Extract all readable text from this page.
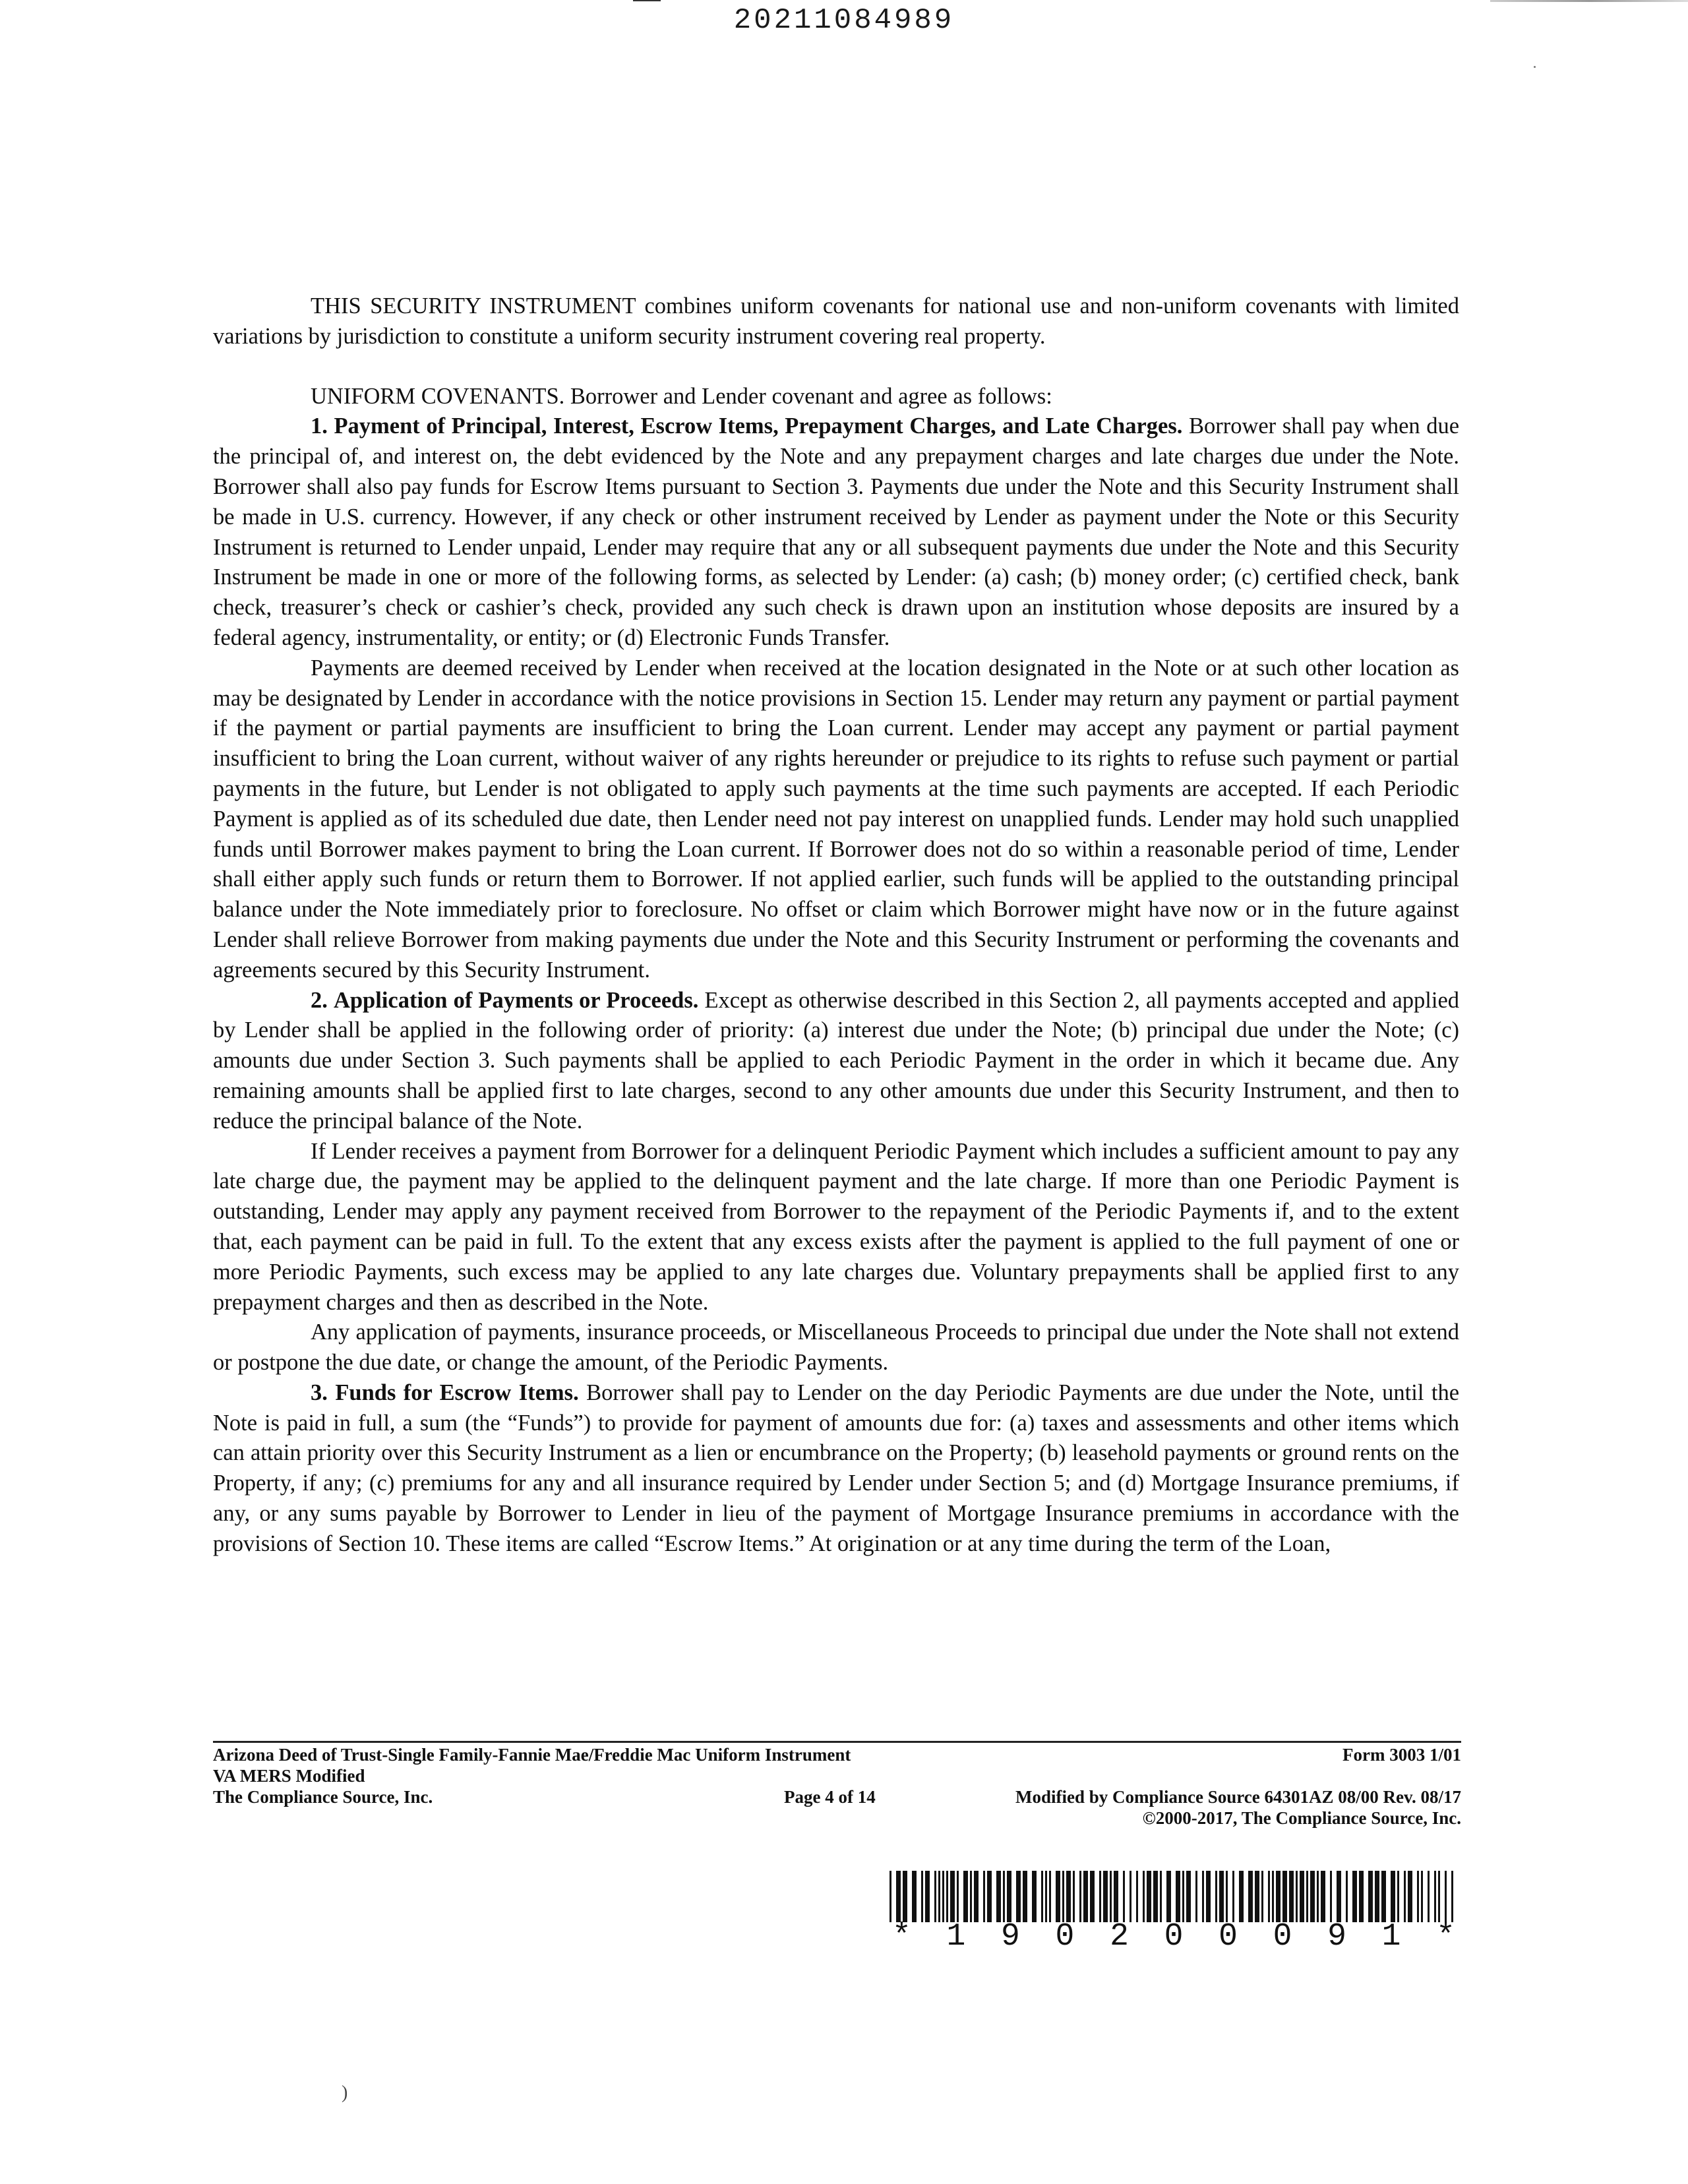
20211084989

THIS SECURITY INSTRUMENT combines uniform covenants for national use and non-uniform covenants with limited variations by jurisdiction to constitute a uniform security instrument covering real property.

UNIFORM COVENANTS. Borrower and Lender covenant and agree as follows:

1. Payment of Principal, Interest, Escrow Items, Prepayment Charges, and Late Charges. Borrower shall pay when due the principal of, and interest on, the debt evidenced by the Note and any prepayment charges and late charges due under the Note. Borrower shall also pay funds for Escrow Items pursuant to Section 3. Payments due under the Note and this Security Instrument shall be made in U.S. currency. However, if any check or other instrument received by Lender as payment under the Note or this Security Instrument is returned to Lender unpaid, Lender may require that any or all subsequent payments due under the Note and this Security Instrument be made in one or more of the following forms, as selected by Lender: (a) cash; (b) money order; (c) certified check, bank check, treasurer’s check or cashier’s check, provided any such check is drawn upon an institution whose deposits are insured by a federal agency, instrumentality, or entity; or (d) Electronic Funds Transfer.

Payments are deemed received by Lender when received at the location designated in the Note or at such other location as may be designated by Lender in accordance with the notice provisions in Section 15. Lender may return any payment or partial payment if the payment or partial payments are insufficient to bring the Loan current. Lender may accept any payment or partial payment insufficient to bring the Loan current, without waiver of any rights hereunder or prejudice to its rights to refuse such payment or partial payments in the future, but Lender is not obligated to apply such payments at the time such payments are accepted. If each Periodic Payment is applied as of its scheduled due date, then Lender need not pay interest on unapplied funds. Lender may hold such unapplied funds until Borrower makes payment to bring the Loan current. If Borrower does not do so within a reasonable period of time, Lender shall either apply such funds or return them to Borrower. If not applied earlier, such funds will be applied to the outstanding principal balance under the Note immediately prior to foreclosure. No offset or claim which Borrower might have now or in the future against Lender shall relieve Borrower from making payments due under the Note and this Security Instrument or performing the covenants and agreements secured by this Security Instrument.

2. Application of Payments or Proceeds. Except as otherwise described in this Section 2, all payments accepted and applied by Lender shall be applied in the following order of priority: (a) interest due under the Note; (b) principal due under the Note; (c) amounts due under Section 3. Such payments shall be applied to each Periodic Payment in the order in which it became due. Any remaining amounts shall be applied first to late charges, second to any other amounts due under this Security Instrument, and then to reduce the principal balance of the Note.

If Lender receives a payment from Borrower for a delinquent Periodic Payment which includes a sufficient amount to pay any late charge due, the payment may be applied to the delinquent payment and the late charge. If more than one Periodic Payment is outstanding, Lender may apply any payment received from Borrower to the repayment of the Periodic Payments if, and to the extent that, each payment can be paid in full. To the extent that any excess exists after the payment is applied to the full payment of one or more Periodic Payments, such excess may be applied to any late charges due. Voluntary prepayments shall be applied first to any prepayment charges and then as described in the Note.

Any application of payments, insurance proceeds, or Miscellaneous Proceeds to principal due under the Note shall not extend or postpone the due date, or change the amount, of the Periodic Payments.

3. Funds for Escrow Items. Borrower shall pay to Lender on the day Periodic Payments are due under the Note, until the Note is paid in full, a sum (the “Funds”) to provide for payment of amounts due for: (a) taxes and assessments and other items which can attain priority over this Security Instrument as a lien or encumbrance on the Property; (b) leasehold payments or ground rents on the Property, if any; (c) premiums for any and all insurance required by Lender under Section 5; and (d) Mortgage Insurance premiums, if any, or any sums payable by Borrower to Lender in lieu of the payment of Mortgage Insurance premiums in accordance with the provisions of Section 10. These items are called “Escrow Items.” At origination or at any time during the term of the Loan,

Arizona Deed of Trust-Single Family-Fannie Mae/Freddie Mac Uniform Instrument	Form 3003 1/01
VA MERS Modified
The Compliance Source, Inc.	Page 4 of 14	Modified by Compliance Source 64301AZ 08/00 Rev. 08/17
©2000-2017, The Compliance Source, Inc.
* 1 9 0 2 0 0 0 9 1 *
)
